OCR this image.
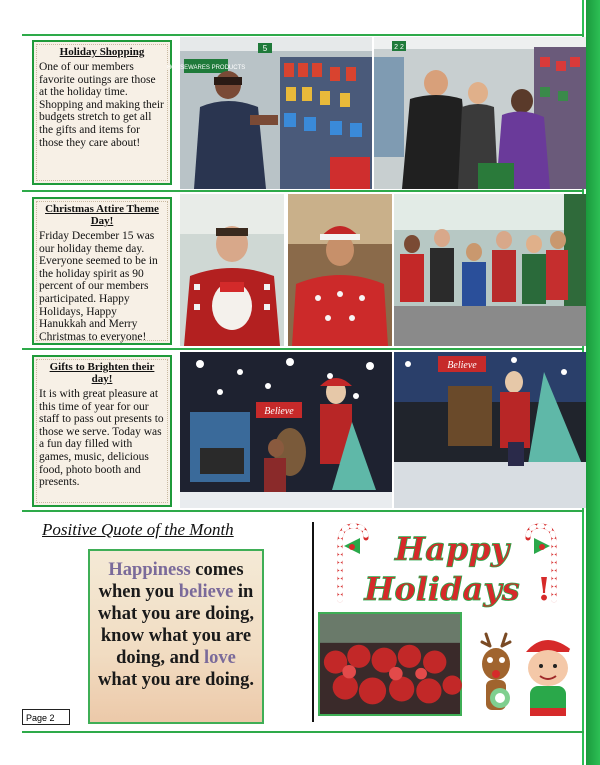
Holiday Shopping
One of our members favorite outings are those at the holiday time. Shopping and making their budgets stretch to get all the gifts and items for those they care about!
HOUSEWARES PRODUCTS
5	2 2
Christmas Attire Theme Day!
Friday December 15 was our holiday theme day. Everyone seemed to be in the holiday spirit as 90 percent of our members participated. Happy Holidays, Happy Hanukkah and Merry Christmas to everyone!
Gifts to Brighten their day!
It is with great pleasure at this time of year for our staff to pass out presents to those we serve. Today was a fun day filled with games, music, delicious food, photo booth and presents.
Believe
Believe
Positive Quote of the Month
Happiness comes
when you believe in
what you are doing,
know what you are
doing, and love
what you are doing.
Happy
Holidays !
Page 2
